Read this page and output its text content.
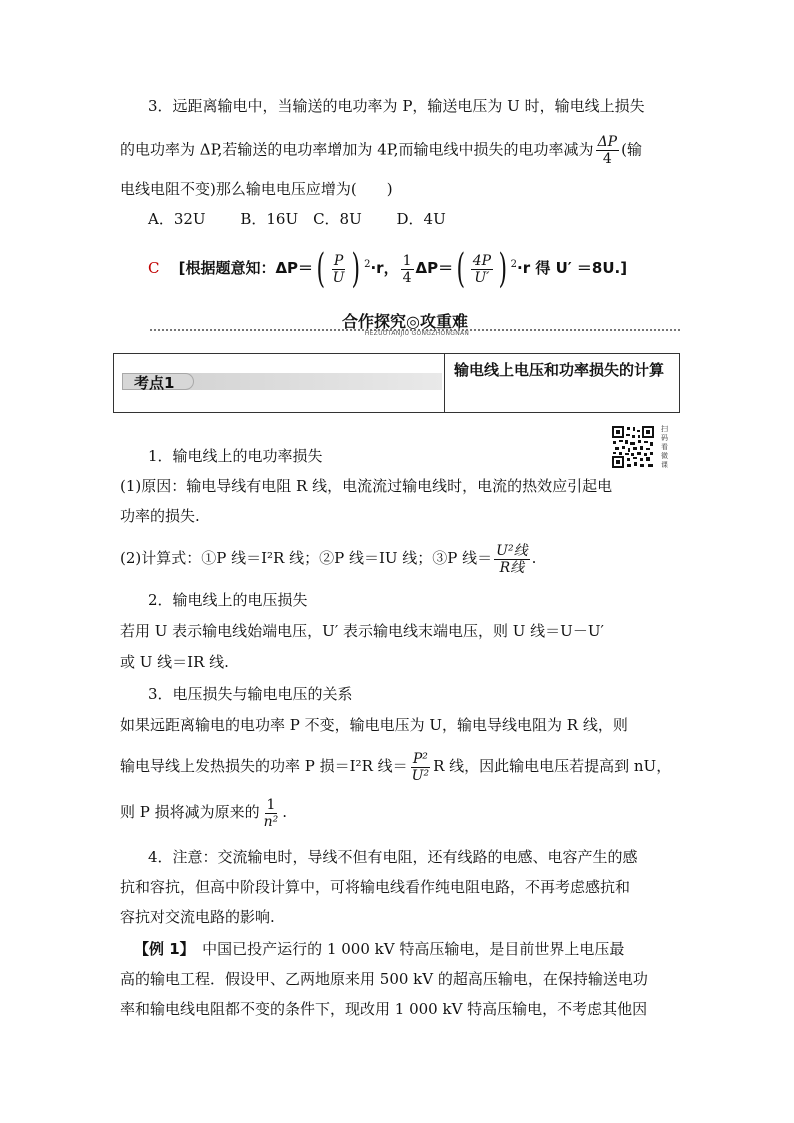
3．远距离输电中，当输送的电功率为 P，输送电压为 U 时，输电线上损失
的电功率为 ΔP,若输送的电功率增加为 4P,而输电线中损失的电功率减为 $\frac{\Delta P}{4}$ (输
电线电阻不变)那么输电电压应增为(　　)
A．32U　　 B．16U　C．8U　　 D．4U
C [根据题意知：$\Delta P=( \frac{P}{U}$ ) $^2$·r， $\frac{1}{4} \Delta P=( \frac{4P}{U'}$ ) $^2$·r 得 U′ ＝8U.]
合作探究◎攻重难
HEZUOTANJIU GONGZHONGNAN
考点1
输电线上电压和功率损失的计算
扫码看微课
1．输电线上的电功率损失
(1)原因：输电导线有电阻 R 线，电流流过输电线时，电流的热效应引起电
功率的损失.
(2)计算式：①P 线＝I²R 线；②P 线＝IU 线；③P 线＝ $\frac{\text{U²线}}{\text{R线}}$ .
2．输电线上的电压损失
若用 U 表示输电线始端电压，U′ 表示输电线末端电压，则 U 线＝U－U′
或 U 线＝IR 线.
3．电压损失与输电电压的关系
如果远距离输电的电功率 P 不变，输电电压为 U，输电导线电阻为 R 线，则
输电导线上发热损失的功率 P 损＝I²R 线＝ $\frac{\text{P²}}{\text{U²}}$ R 线，因此输电电压若提高到 nU，
则 P 损将减为原来的 $\frac{1}{\text{n²}}$ .
4．注意：交流输电时，导线不但有电阻，还有线路的电感、电容产生的感
抗和容抗，但高中阶段计算中，可将输电线看作纯电阻电路，不再考虑感抗和
容抗对交流电路的影响.
【例 1】　中国已投产运行的 1 000 kV 特高压输电，是目前世界上电压最
高的输电工程．假设甲、乙两地原来用 500 kV 的超高压输电，在保持输送电功
率和输电线电阻都不变的条件下，现改用 1 000 kV 特高压输电，不考虑其他因
